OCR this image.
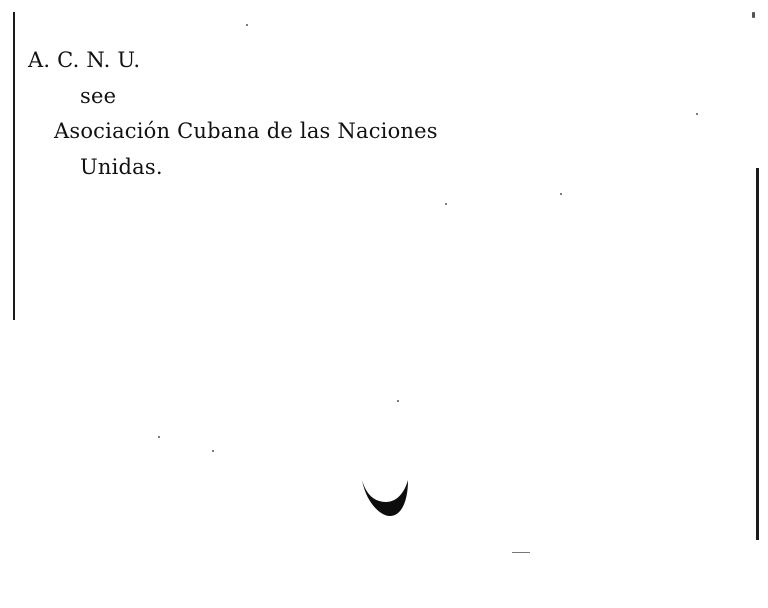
A. C. N. U.
see
Asociación Cubana de las Naciones
Unidas.
